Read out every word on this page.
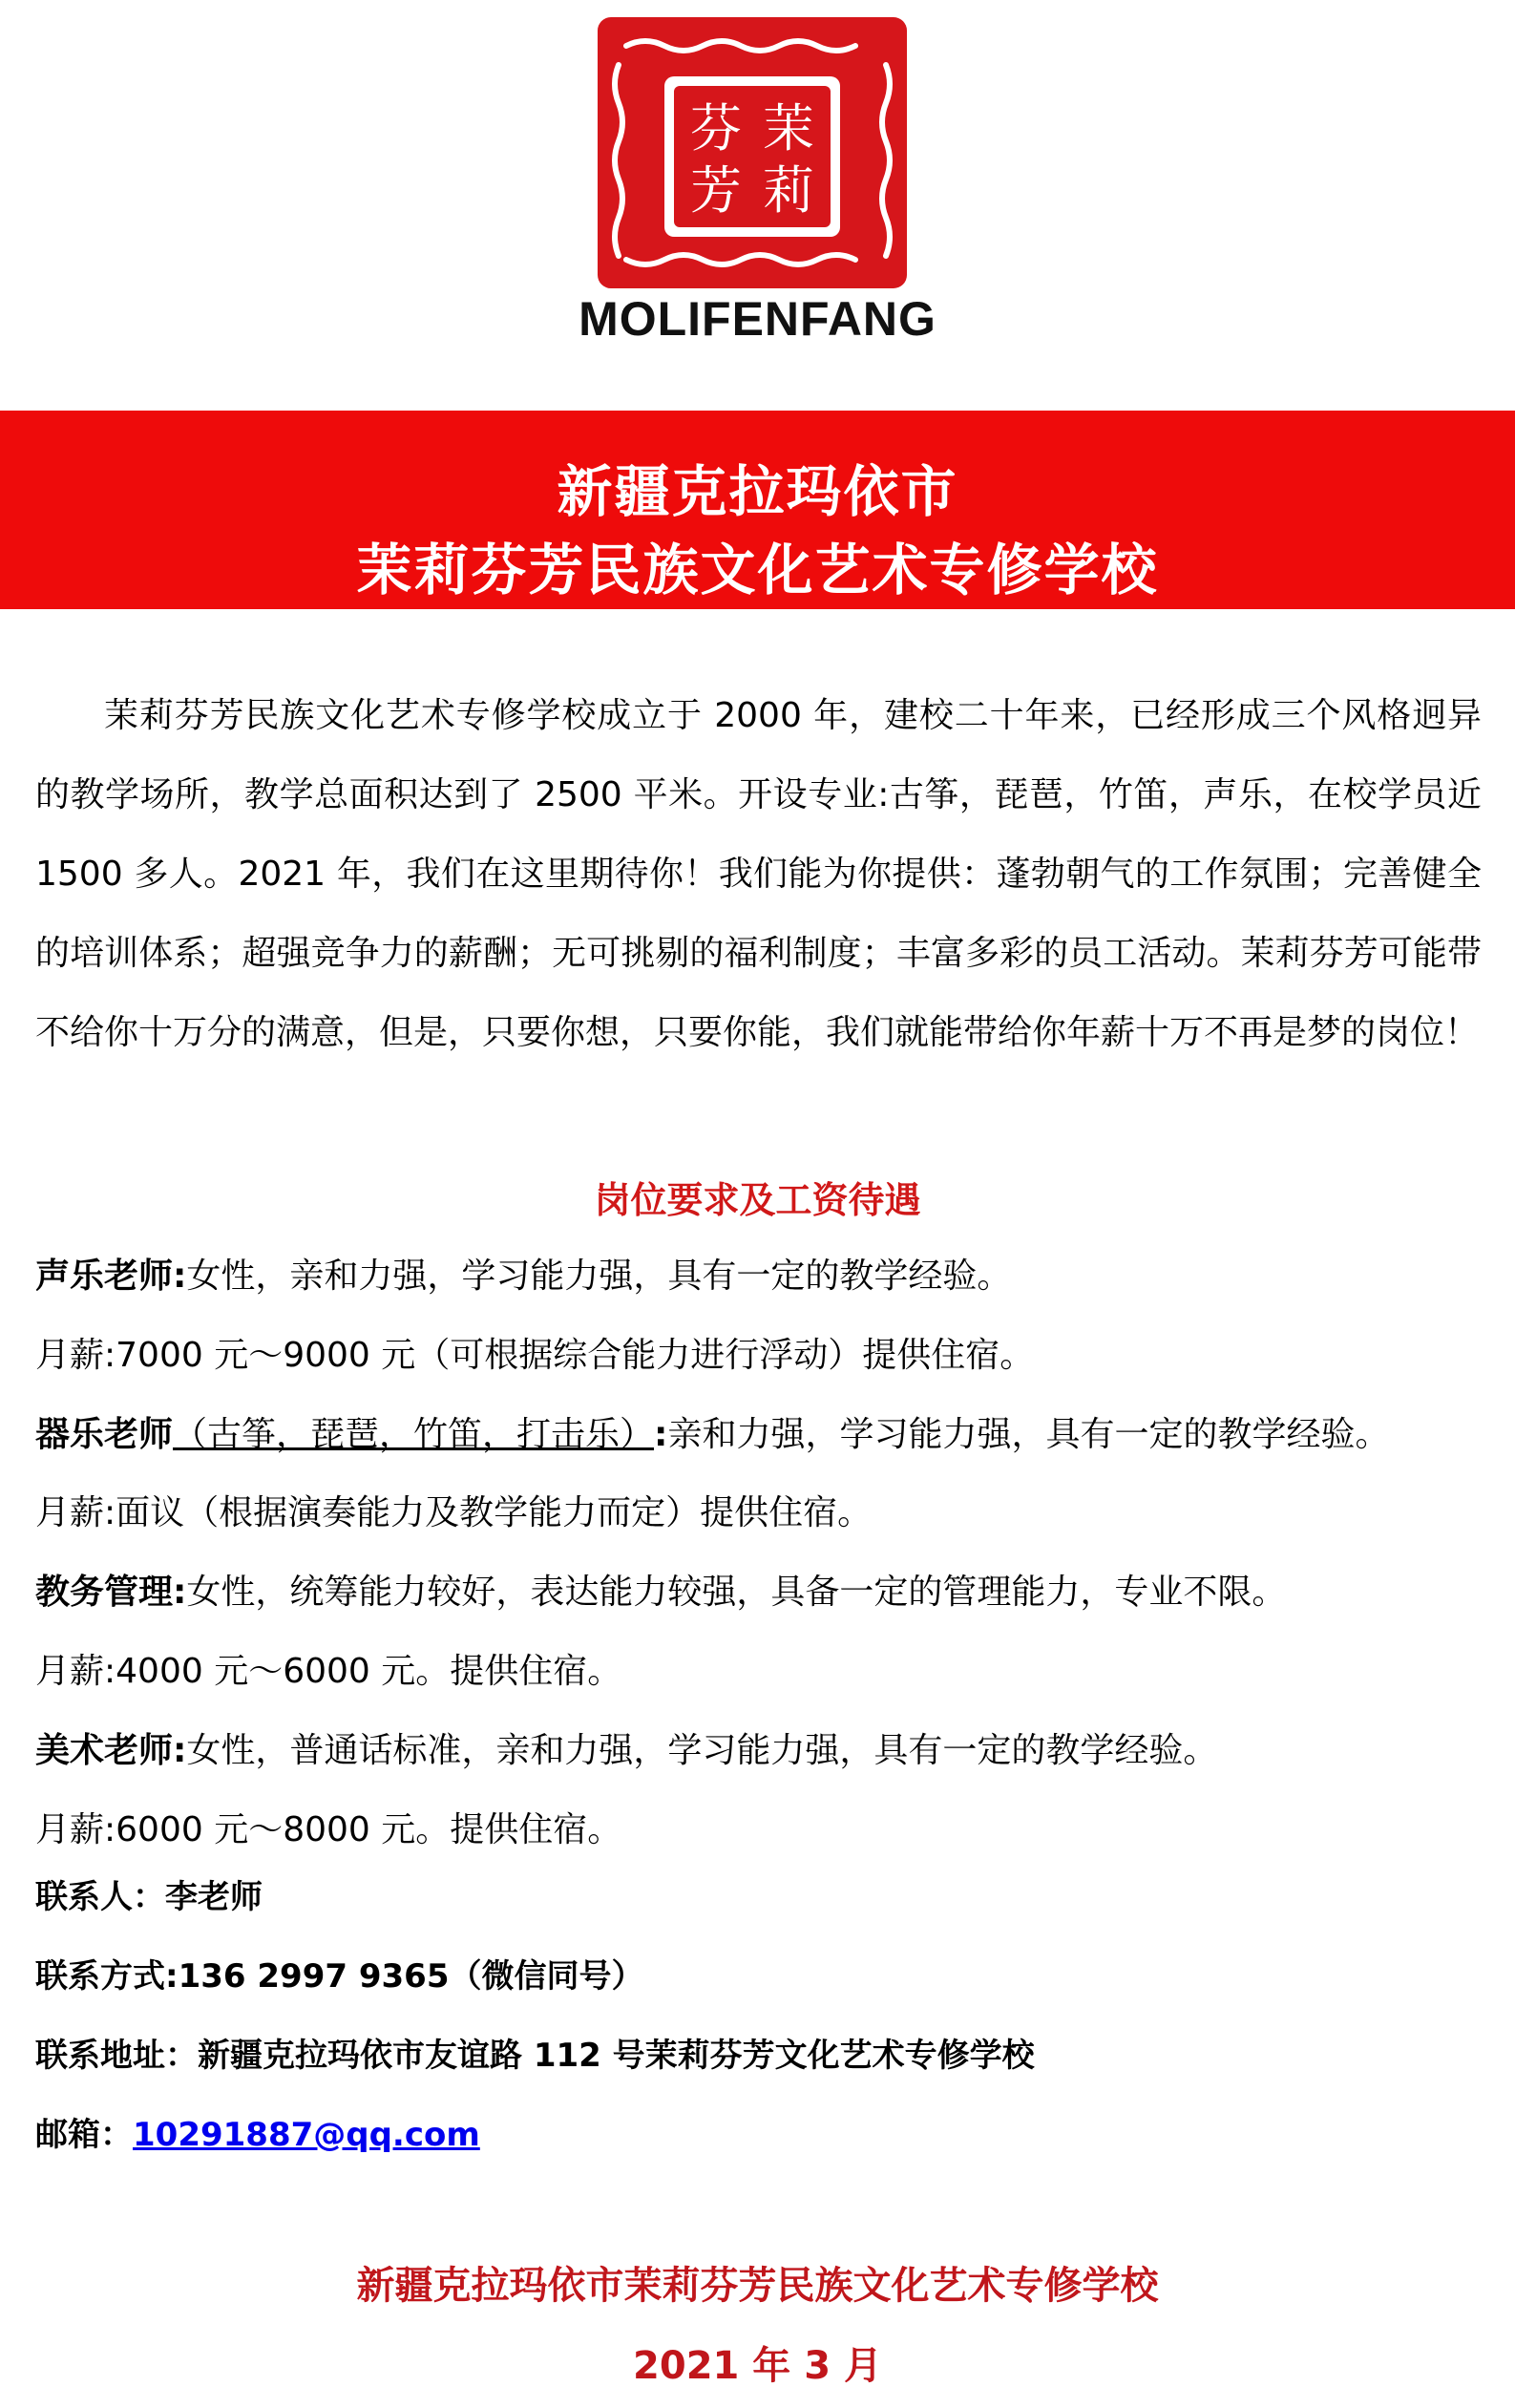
茉
莉
芬
芳
MOLIFENFANG
新疆克拉玛依市
茉莉芬芳民族文化艺术专修学校
茉莉芬芳民族文化艺术专修学校成立于 2000 年，建校二十年来，已经形成三个风格迥异的教学场所，教学总面积达到了 2500 平米。开设专业:古筝，琵琶，竹笛，声乐，在校学员近 1500 多人。2021 年，我们在这里期待你！我们能为你提供：蓬勃朝气的工作氛围；完善健全的培训体系；超强竞争力的薪酬；无可挑剔的福利制度；丰富多彩的员工活动。茉莉芬芳可能带不给你十万分的满意，但是，只要你想，只要你能，我们就能带给你年薪十万不再是梦的岗位！
岗位要求及工资待遇
声乐老师:女性，亲和力强，学习能力强，具有一定的教学经验。
月薪:7000 元～9000 元（可根据综合能力进行浮动）提供住宿。
器乐老师（古筝，琵琶，竹笛，打击乐）:亲和力强，学习能力强，具有一定的教学经验。
月薪:面议（根据演奏能力及教学能力而定）提供住宿。
教务管理:女性，统筹能力较好，表达能力较强，具备一定的管理能力，专业不限。
月薪:4000 元～6000 元。提供住宿。
美术老师:女性，普通话标准，亲和力强，学习能力强，具有一定的教学经验。
月薪:6000 元～8000 元。提供住宿。
联系人：李老师
联系方式:136 2997 9365（微信同号）
联系地址：新疆克拉玛依市友谊路 112 号茉莉芬芳文化艺术专修学校
邮箱：10291887@qq.com
新疆克拉玛依市茉莉芬芳民族文化艺术专修学校
2021 年 3 月
